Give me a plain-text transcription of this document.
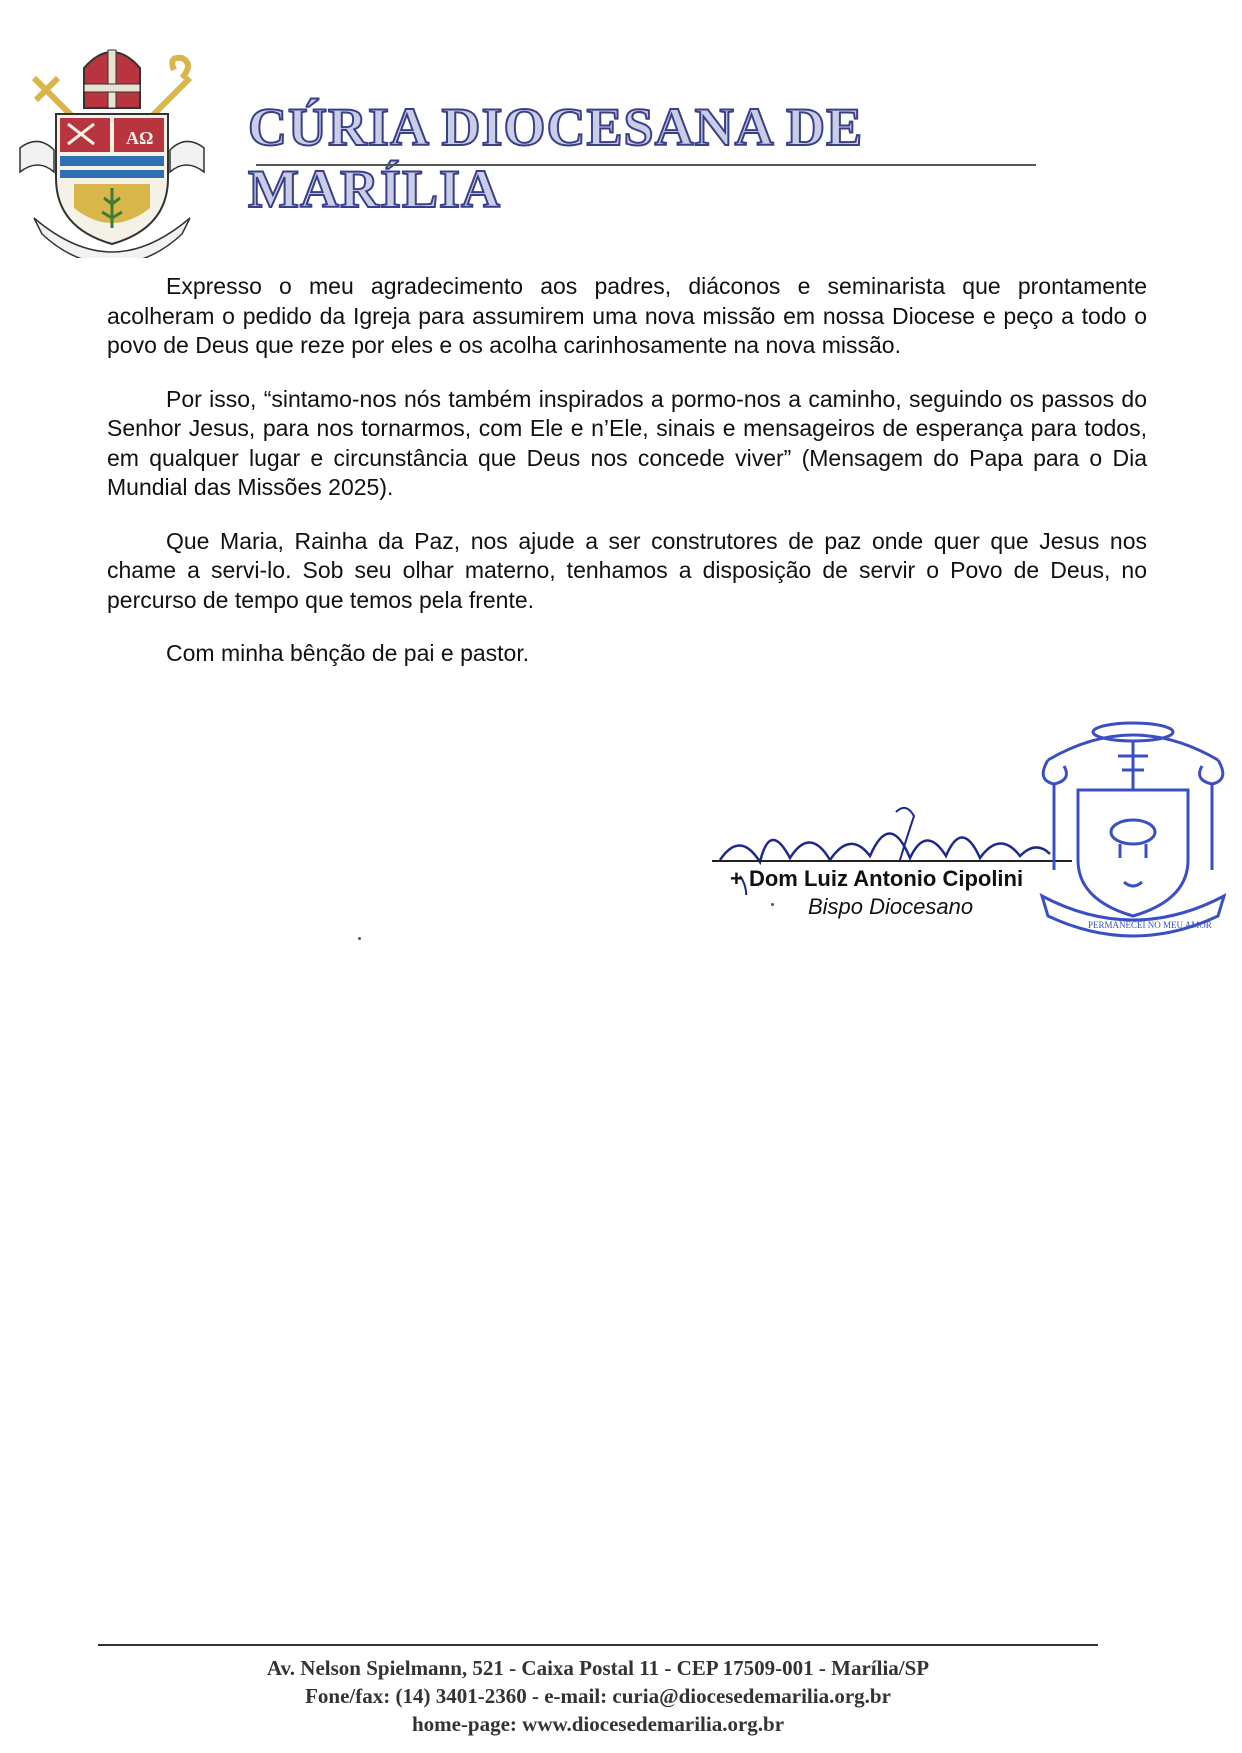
AΩ CÚRIA DIOCESANA DE MARÍLIA

Expresso o meu agradecimento aos padres, diáconos e seminarista que prontamente acolheram o pedido da Igreja para assumirem uma nova missão em nossa Diocese e peço a todo o povo de Deus que reze por eles e os acolha carinhosamente na nova missão.

Por isso, “sintamo-nos nós também inspirados a pormo-nos a caminho, seguindo os passos do Senhor Jesus, para nos tornarmos, com Ele e n’Ele, sinais e mensageiros de esperança para todos, em qualquer lugar e circunstância que Deus nos concede viver” (Mensagem do Papa para o Dia Mundial das Missões 2025).

Que Maria, Rainha da Paz, nos ajude a ser construtores de paz onde quer que Jesus nos chame a servi-lo. Sob seu olhar materno, tenhamos a disposição de servir o Povo de Deus, no percurso de tempo que temos pela frente.

Com minha bênção de pai e pastor.

+ Dom Luiz Antonio Cipolini
Bispo Diocesano
PERMANECEI NO MEU AMOR
Av. Nelson Spielmann, 521 - Caixa Postal 11 - CEP 17509-001 - Marília/SP
Fone/fax: (14) 3401-2360 - e-mail: curia@diocesedemarilia.org.br
home-page: www.diocesedemarilia.org.br
